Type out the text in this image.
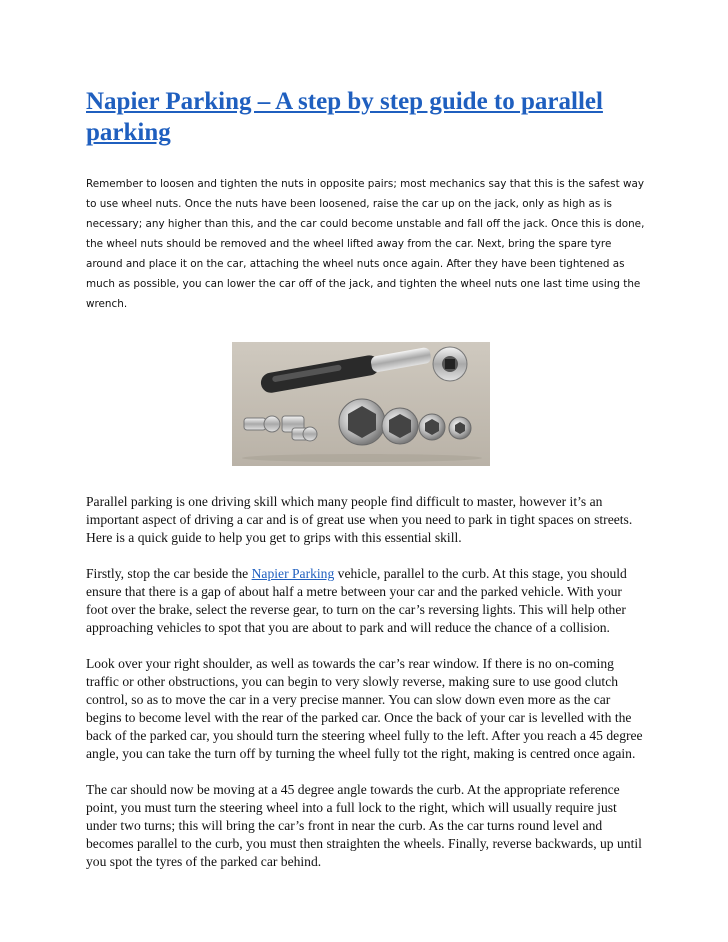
Napier Parking – A step by step guide to parallel parking

Remember to loosen and tighten the nuts in opposite pairs; most mechanics say that this is the safest way to use wheel nuts. Once the nuts have been loosened, raise the car up on the jack, only as high as is necessary; any higher than this, and the car could become unstable and fall off the jack. Once this is done, the wheel nuts should be removed and the wheel lifted away from the car. Next, bring the spare tyre around and place it on the car, attaching the wheel nuts once again. After they have been tightened as much as possible, you can lower the car off of the jack, and tighten the wheel nuts one last time using the wrench.

Parallel parking is one driving skill which many people find difficult to master, however it’s an important aspect of driving a car and is of great use when you need to park in tight spaces on streets. Here is a quick guide to help you get to grips with this essential skill.

Firstly, stop the car beside the Napier Parking vehicle, parallel to the curb. At this stage, you should ensure that there is a gap of about half a metre between your car and the parked vehicle. With your foot over the brake, select the reverse gear, to turn on the car’s reversing lights. This will help other approaching vehicles to spot that you are about to park and will reduce the chance of a collision.

Look over your right shoulder, as well as towards the car’s rear window. If there is no on-coming traffic or other obstructions, you can begin to very slowly reverse, making sure to use good clutch control, so as to move the car in a very precise manner. You can slow down even more as the car begins to become level with the rear of the parked car. Once the back of your car is levelled with the back of the parked car, you should turn the steering wheel fully to the left. After you reach a 45 degree angle, you can take the turn off by turning the wheel fully tot the right, making is centred once again.

The car should now be moving at a 45 degree angle towards the curb. At the appropriate reference point, you must turn the steering wheel into a full lock to the right, which will usually require just under two turns; this will bring the car’s front in near the curb. As the car turns round level and becomes parallel to the curb, you must then straighten the wheels. Finally, reverse backwards, up until you spot the tyres of the parked car behind.
